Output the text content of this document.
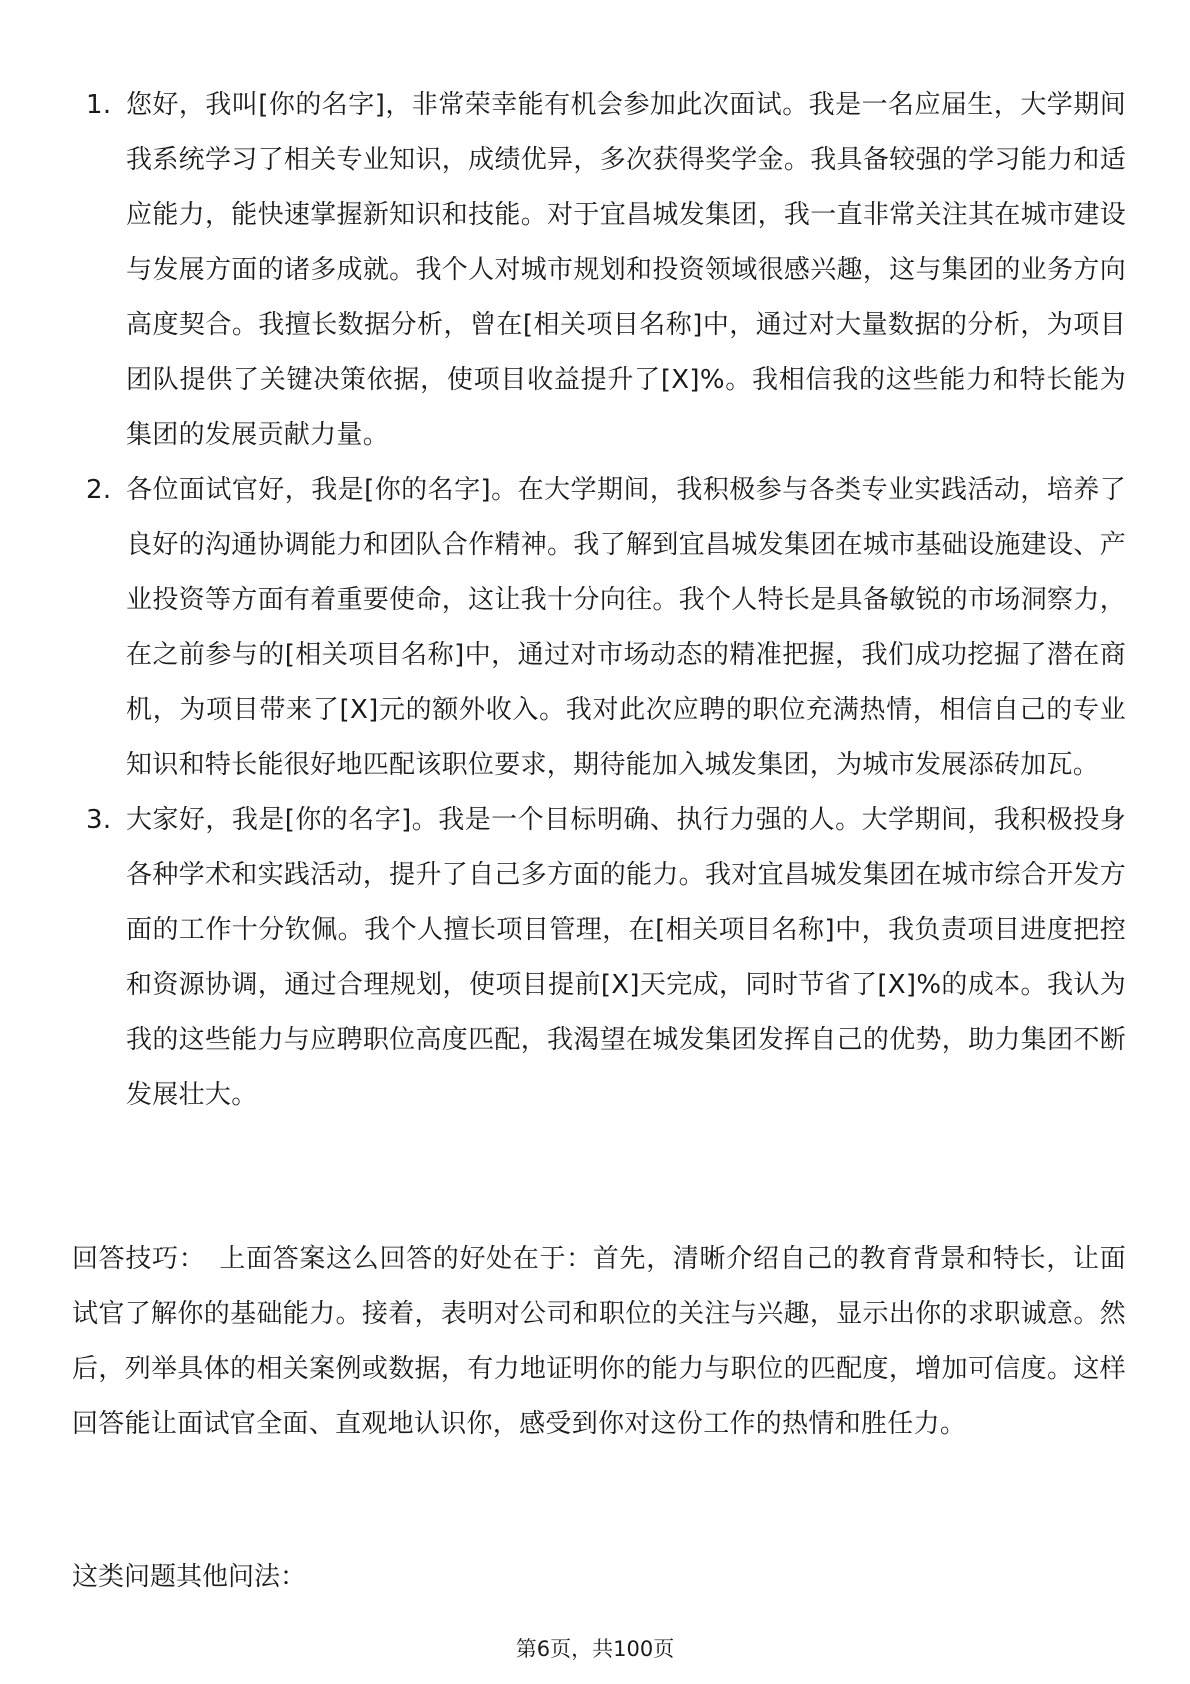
1. 您好，我叫[你的名字]，非常荣幸能有机会参加此次面试。我是一名应届生，大学期间我系统学习了相关专业知识，成绩优异，多次获得奖学金。我具备较强的学习能力和适应能力，能快速掌握新知识和技能。对于宜昌城发集团，我一直非常关注其在城市建设与发展方面的诸多成就。我个人对城市规划和投资领域很感兴趣，这与集团的业务方向高度契合。我擅长数据分析，曾在[相关项目名称]中，通过对大量数据的分析，为项目团队提供了关键决策依据，使项目收益提升了[X]%。我相信我的这些能力和特长能为集团的发展贡献力量。
2. 各位面试官好，我是[你的名字]。在大学期间，我积极参与各类专业实践活动，培养了良好的沟通协调能力和团队合作精神。我了解到宜昌城发集团在城市基础设施建设、产业投资等方面有着重要使命，这让我十分向往。我个人特长是具备敏锐的市场洞察力，在之前参与的[相关项目名称]中，通过对市场动态的精准把握，我们成功挖掘了潜在商机，为项目带来了[X]元的额外收入。我对此次应聘的职位充满热情，相信自己的专业知识和特长能很好地匹配该职位要求，期待能加入城发集团，为城市发展添砖加瓦。
3. 大家好，我是[你的名字]。我是一个目标明确、执行力强的人。大学期间，我积极投身各种学术和实践活动，提升了自己多方面的能力。我对宜昌城发集团在城市综合开发方面的工作十分钦佩。我个人擅长项目管理，在[相关项目名称]中，我负责项目进度把控和资源协调，通过合理规划，使项目提前[X]天完成，同时节省了[X]%的成本。我认为我的这些能力与应聘职位高度匹配，我渴望在城发集团发挥自己的优势，助力集团不断发展壮大。

回答技巧： 上面答案这么回答的好处在于：首先，清晰介绍自己的教育背景和特长，让面试官了解你的基础能力。接着，表明对公司和职位的关注与兴趣，显示出你的求职诚意。然后，列举具体的相关案例或数据，有力地证明你的能力与职位的匹配度，增加可信度。这样回答能让面试官全面、直观地认识你，感受到你对这份工作的热情和胜任力。

这类问题其他问法：

第6页，共100页
